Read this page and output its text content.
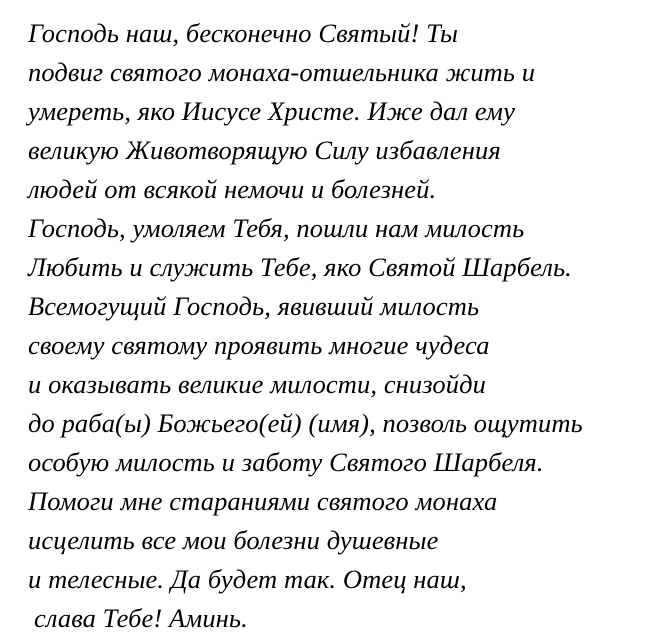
Господь наш, бесконечно Святый! Ты

подвиг святого монаха-отшельника жить и

умереть, яко Иисусе Христе. Иже дал ему

великую Животворящую Силу избавления

людей от всякой немочи и болезней.

Господь, умоляем Тебя, пошли нам милость

Любить и служить Тебе, яко Святой Шарбель.

Всемогущий Господь, явивший милость

своему святому проявить многие чудеса

и оказывать великие милости, снизойди

до раба(ы) Божьего(ей) (имя), позволь ощутить

особую милость и заботу Святого Шарбеля.

Помоги мне стараниями святого монаха

исцелить все мои болезни душевные

и телесные. Да будет так. Отец наш,

слава Тебе! Аминь.
